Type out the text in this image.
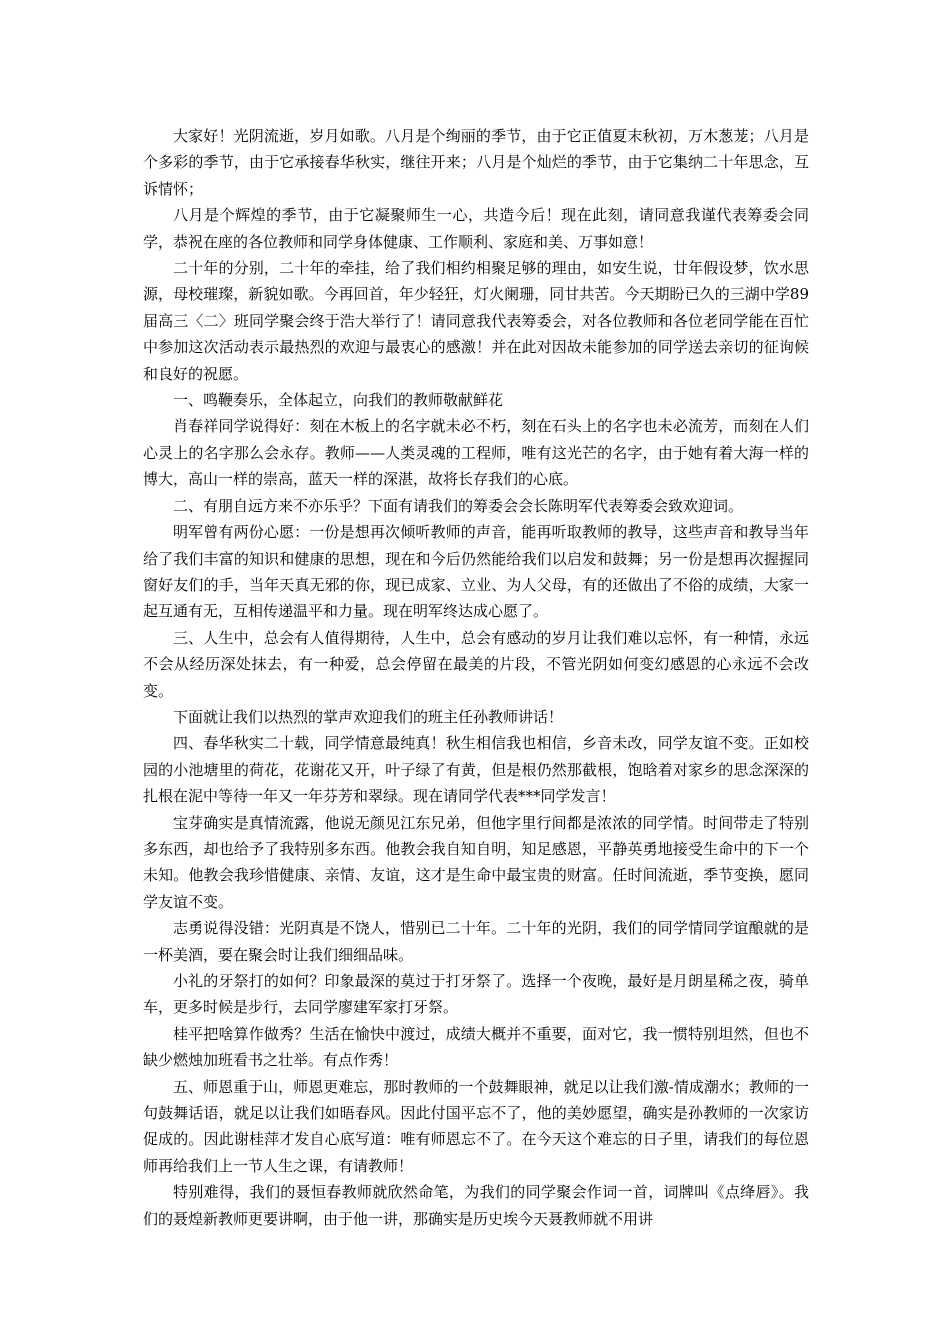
大家好！光阴流逝，岁月如歌。八月是个绚丽的季节，由于它正值夏末秋初，万木葱茏；八月是个多彩的季节，由于它承接春华秋实，继往开来；八月是个灿烂的季节，由于它集纳二十年思念，互诉情怀；

八月是个辉煌的季节，由于它凝聚师生一心，共造今后！现在此刻，请同意我谨代表筹委会同学，恭祝在座的各位教师和同学身体健康、工作顺利、家庭和美、万事如意！

二十年的分别，二十年的牵挂，给了我们相约相聚足够的理由，如安生说，廿年假设梦，饮水思源，母校璀璨，新貌如歌。今再回首，年少轻狂，灯火阑珊，同甘共苦。今天期盼已久的三湖中学89届高三〈二〉班同学聚会终于浩大举行了！请同意我代表筹委会，对各位教师和各位老同学能在百忙中参加这次活动表示最热烈的欢迎与最衷心的感激！并在此对因故未能参加的同学送去亲切的征询候和良好的祝愿。

一、鸣鞭奏乐，全体起立，向我们的教师敬献鲜花

肖春祥同学说得好：刻在木板上的名字就未必不朽，刻在石头上的名字也未必流芳，而刻在人们心灵上的名字那么会永存。教师——人类灵魂的工程师，唯有这光芒的名字，由于她有着大海一样的博大，高山一样的崇高，蓝天一样的深湛，故将长存我们的心底。

二、有朋自远方来不亦乐乎？下面有请我们的筹委会会长陈明军代表筹委会致欢迎词。

明军曾有两份心愿：一份是想再次倾听教师的声音，能再听取教师的教导，这些声音和教导当年给了我们丰富的知识和健康的思想，现在和今后仍然能给我们以启发和鼓舞；另一份是想再次握握同窗好友们的手，当年天真无邪的你，现已成家、立业、为人父母，有的还做出了不俗的成绩，大家一起互通有无，互相传递温平和力量。现在明军终达成心愿了。

三、人生中，总会有人值得期待，人生中，总会有感动的岁月让我们难以忘怀，有一种情，永远不会从经历深处抹去，有一种爱，总会停留在最美的片段，不管光阴如何变幻感恩的心永远不会改变。

下面就让我们以热烈的掌声欢迎我们的班主任孙教师讲话！

四、春华秋实二十载，同学情意最纯真！秋生相信我也相信，乡音未改，同学友谊不变。正如校园的小池塘里的荷花，花谢花又开，叶子绿了有黄，但是根仍然那截根，饱晗着对家乡的思念深深的扎根在泥中等待一年又一年芬芳和翠绿。现在请同学代表***同学发言！

宝芽确实是真情流露，他说无颜见江东兄弟，但他字里行间都是浓浓的同学情。时间带走了特别多东西，却也给予了我特别多东西。他教会我自知自明，知足感恩，平静英勇地接受生命中的下一个未知。他教会我珍惜健康、亲情、友谊，这才是生命中最宝贵的财富。任时间流逝，季节变换，愿同学友谊不变。

志勇说得没错：光阴真是不饶人，惜别已二十年。二十年的光阴，我们的同学情同学谊酿就的是一杯美酒，要在聚会时让我们细细品味。

小礼的牙祭打的如何？印象最深的莫过于打牙祭了。选择一个夜晚，最好是月朗星稀之夜，骑单车，更多时候是步行，去同学廖建军家打牙祭。

桂平把啥算作做秀？生活在愉快中渡过，成绩大概并不重要，面对它，我一惯特别坦然，但也不缺少燃烛加班看书之壮举。有点作秀！

五、师恩重于山，师恩更难忘，那时教师的一个鼓舞眼神，就足以让我们激-情成潮水；教师的一句鼓舞话语，就足以让我们如晤春风。因此付国平忘不了，他的美妙愿望，确实是孙教师的一次家访促成的。因此谢桂萍才发自心底写道：唯有师恩忘不了。在今天这个难忘的日子里，请我们的每位恩师再给我们上一节人生之课，有请教师！

特别难得，我们的聂恒春教师就欣然命笔，为我们的同学聚会作词一首，词牌叫《点绛唇》。我们的聂煌新教师更要讲啊，由于他一讲，那确实是历史埃今天聂教师就不用讲
